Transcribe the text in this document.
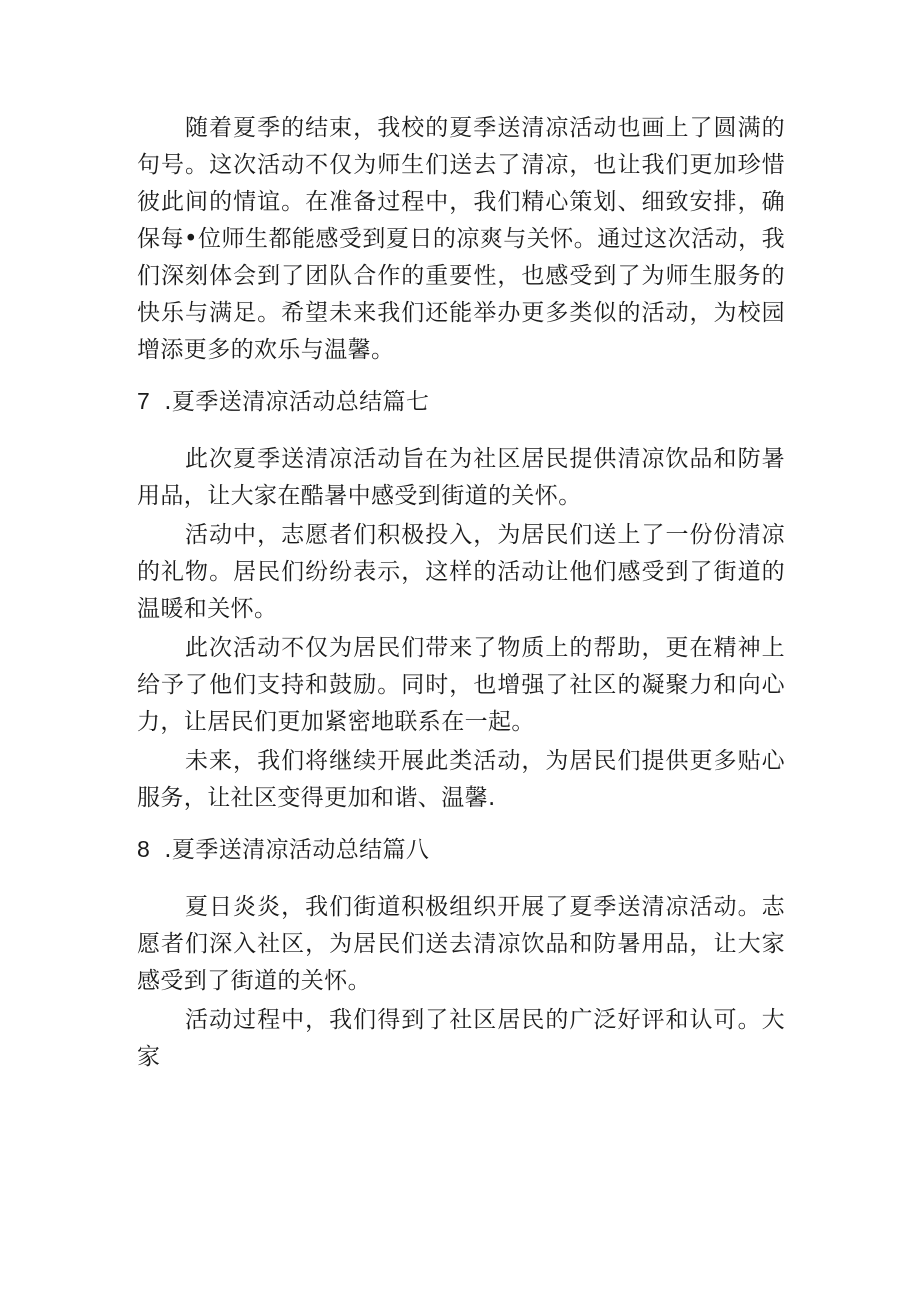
随着夏季的结束，我校的夏季送清凉活动也画上了圆满的句号。这次活动不仅为师生们送去了清凉，也让我们更加珍惜彼此间的情谊。在准备过程中，我们精心策划、细致安排，确保每•位师生都能感受到夏日的凉爽与关怀。通过这次活动，我们深刻体会到了团队合作的重要性，也感受到了为师生服务的快乐与满足。希望未来我们还能举办更多类似的活动，为校园增添更多的欢乐与温馨。

7 .夏季送清凉活动总结篇七

此次夏季送清凉活动旨在为社区居民提供清凉饮品和防暑用品，让大家在酷暑中感受到街道的关怀。

活动中，志愿者们积极投入，为居民们送上了一份份清凉的礼物。居民们纷纷表示，这样的活动让他们感受到了街道的温暖和关怀。

此次活动不仅为居民们带来了物质上的帮助，更在精神上给予了他们支持和鼓励。同时，也增强了社区的凝聚力和向心力，让居民们更加紧密地联系在一起。

未来，我们将继续开展此类活动，为居民们提供更多贴心服务，让社区变得更加和谐、温馨.

8 .夏季送清凉活动总结篇八

夏日炎炎，我们街道积极组织开展了夏季送清凉活动。志愿者们深入社区，为居民们送去清凉饮品和防暑用品，让大家感受到了街道的关怀。

活动过程中，我们得到了社区居民的广泛好评和认可。大家
